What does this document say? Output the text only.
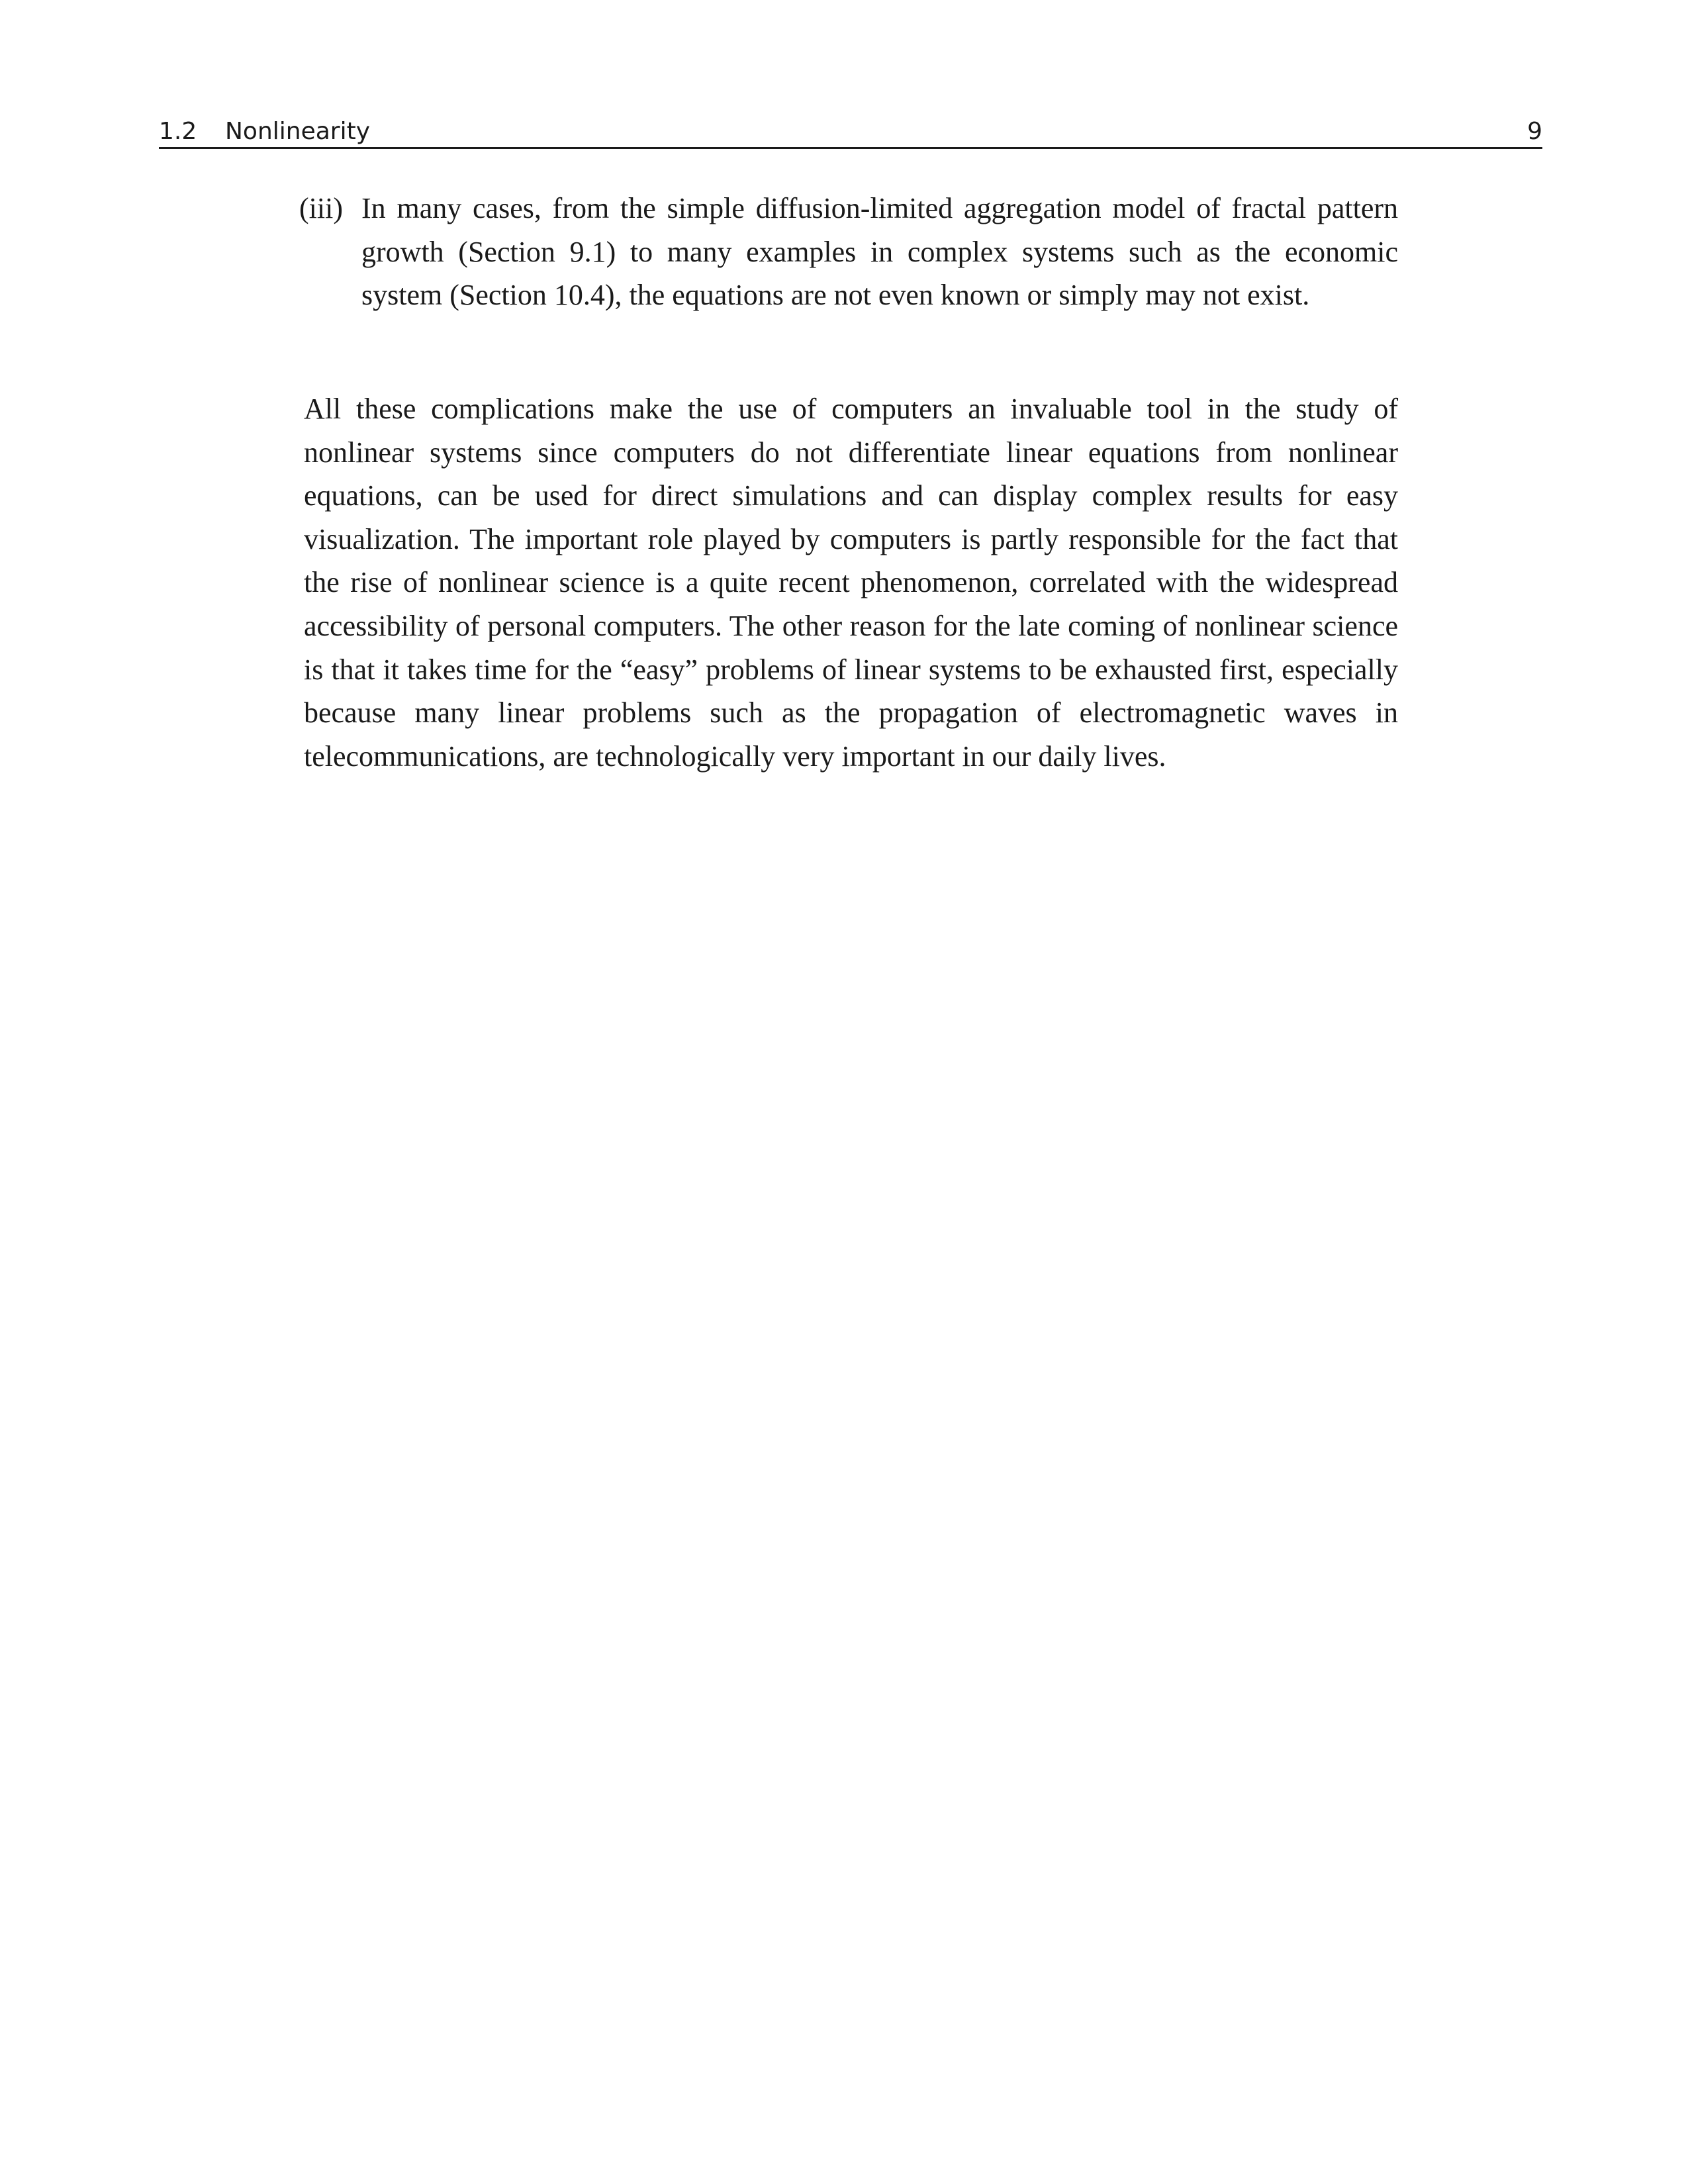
1.2 Nonlinearity	9
(iii) In many cases, from the simple diffusion-limited aggregation model of fractal pattern growth (Section 9.1) to many examples in complex systems such as the economic system (Section 10.4), the equations are not even known or simply may not exist.

All these complications make the use of computers an invaluable tool in the study of nonlinear systems since computers do not differentiate linear equations from nonlinear equations, can be used for direct simulations and can display complex results for easy visualization. The important role played by computers is partly responsible for the fact that the rise of nonlinear science is a quite recent phenomenon, correlated with the widespread accessibility of personal computers. The other reason for the late coming of nonlinear science is that it takes time for the “easy” problems of linear systems to be exhausted first, especially because many linear problems such as the propagation of electromagnetic waves in telecommunications, are technologically very important in our daily lives.
